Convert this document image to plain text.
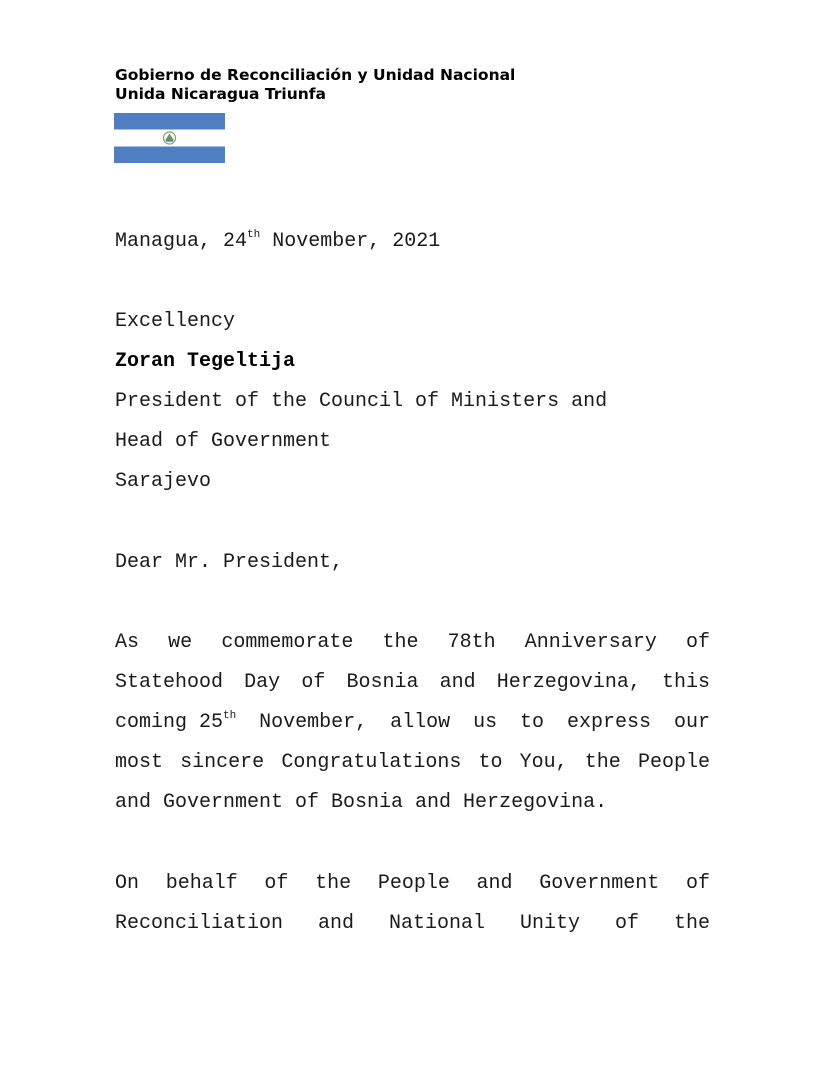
Gobierno de Reconciliación y Unidad Nacional
Unida Nicaragua Triunfa
Managua, 24th November, 2021
Excellency
Zoran Tegeltija
President of the Council of Ministers and
Head of Government
Sarajevo
Dear Mr. President,
As we commemorate the 78th Anniversary of
Statehood Day of Bosnia and Herzegovina, this
coming 25th November, allow us to express our
most sincere Congratulations to You, the People
and Government of Bosnia and Herzegovina.
On behalf of the People and Government of
Reconciliation and National Unity of the
